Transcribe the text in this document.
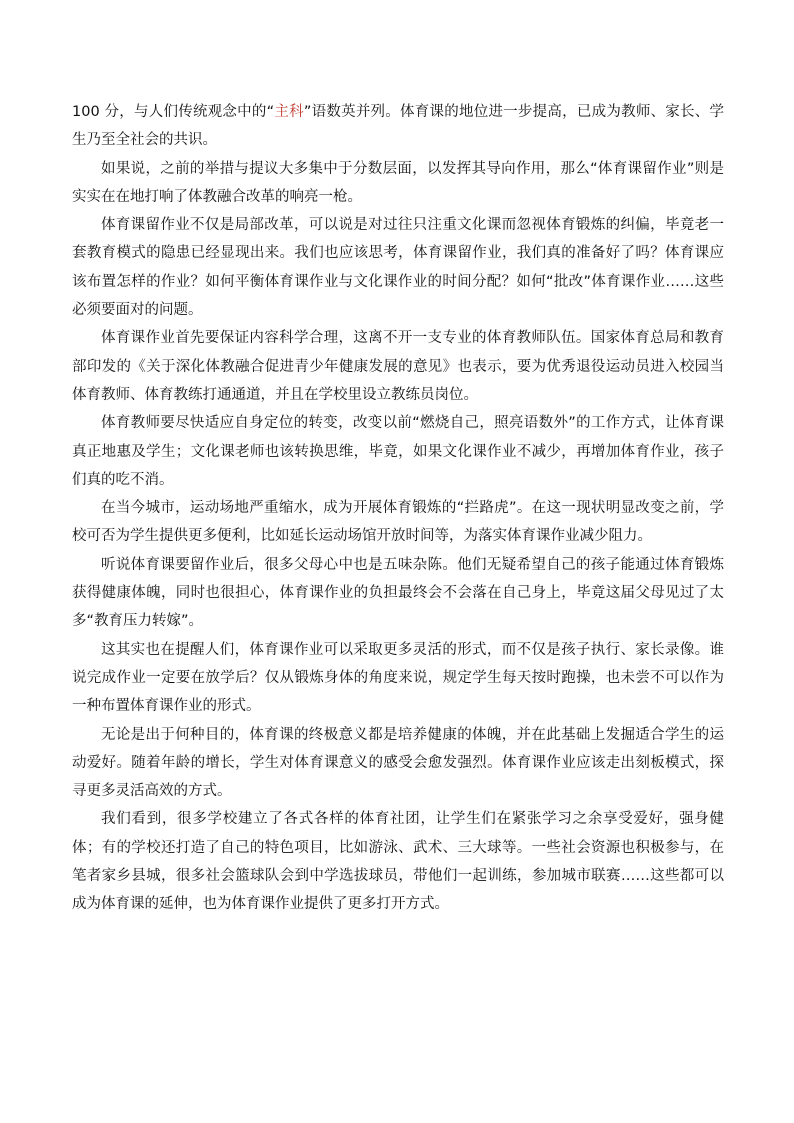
100 分，与人们传统观念中的“主科”语数英并列。体育课的地位进一步提高，已成为教师、家长、学生乃至全社会的共识。

如果说，之前的举措与提议大多集中于分数层面，以发挥其导向作用，那么“体育课留作业”则是实实在在地打响了体教融合改革的响亮一枪。

体育课留作业不仅是局部改革，可以说是对过往只注重文化课而忽视体育锻炼的纠偏，毕竟老一套教育模式的隐患已经显现出来。我们也应该思考，体育课留作业，我们真的准备好了吗？体育课应该布置怎样的作业？如何平衡体育课作业与文化课作业的时间分配？如何“批改”体育课作业……这些必须要面对的问题。

体育课作业首先要保证内容科学合理，这离不开一支专业的体育教师队伍。国家体育总局和教育部印发的《关于深化体教融合促进青少年健康发展的意见》也表示，要为优秀退役运动员进入校园当体育教师、体育教练打通通道，并且在学校里设立教练员岗位。

体育教师要尽快适应自身定位的转变，改变以前“燃烧自己，照亮语数外”的工作方式，让体育课真正地惠及学生；文化课老师也该转换思维，毕竟，如果文化课作业不减少，再增加体育作业，孩子们真的吃不消。

在当今城市，运动场地严重缩水，成为开展体育锻炼的“拦路虎”。在这一现状明显改变之前，学校可否为学生提供更多便利，比如延长运动场馆开放时间等，为落实体育课作业减少阻力。

听说体育课要留作业后，很多父母心中也是五味杂陈。他们无疑希望自己的孩子能通过体育锻炼获得健康体魄，同时也很担心，体育课作业的负担最终会不会落在自己身上，毕竟这届父母见过了太多“教育压力转嫁”。

这其实也在提醒人们，体育课作业可以采取更多灵活的形式，而不仅是孩子执行、家长录像。谁说完成作业一定要在放学后？仅从锻炼身体的角度来说，规定学生每天按时跑操，也未尝不可以作为一种布置体育课作业的形式。

无论是出于何种目的，体育课的终极意义都是培养健康的体魄，并在此基础上发掘适合学生的运动爱好。随着年龄的增长，学生对体育课意义的感受会愈发强烈。体育课作业应该走出刻板模式，探寻更多灵活高效的方式。

我们看到，很多学校建立了各式各样的体育社团，让学生们在紧张学习之余享受爱好，强身健体；有的学校还打造了自己的特色项目，比如游泳、武术、三大球等。一些社会资源也积极参与，在笔者家乡县城，很多社会篮球队会到中学选拔球员，带他们一起训练，参加城市联赛……这些都可以成为体育课的延伸，也为体育课作业提供了更多打开方式。
